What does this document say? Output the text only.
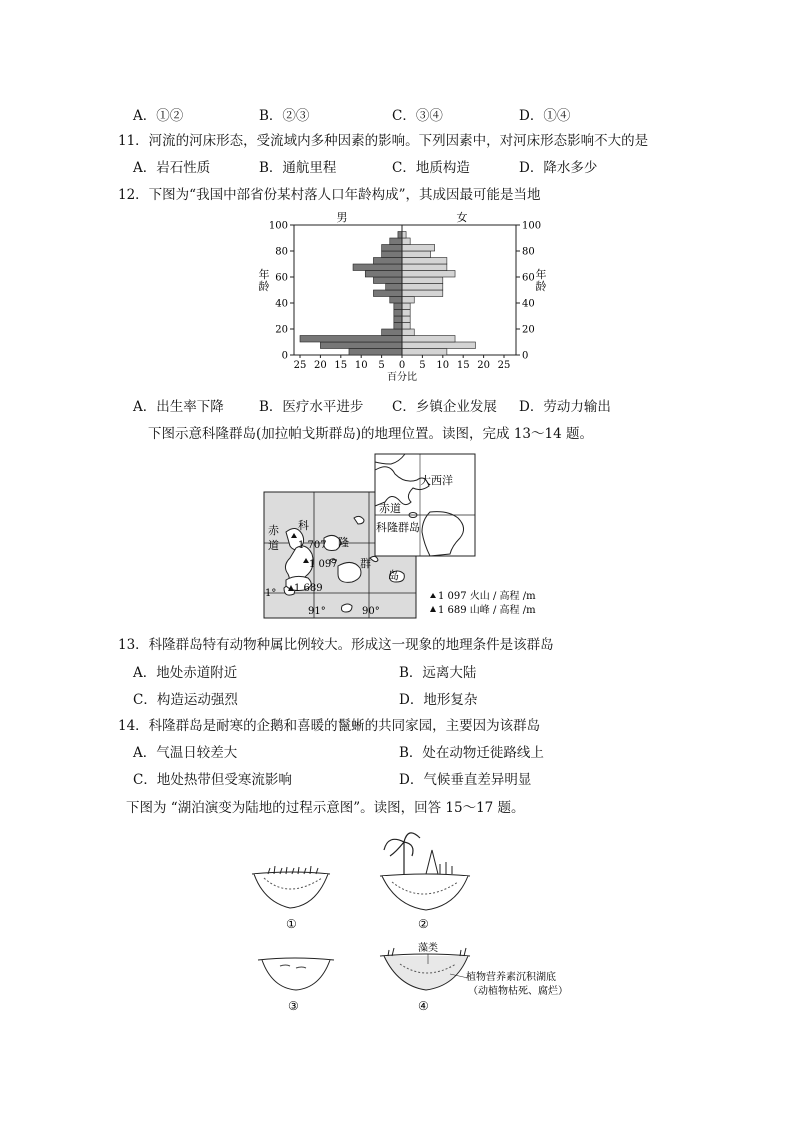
A．①②	B．②③	C．③④	D．①④
11．河流的河床形态，受流域内多种因素的影响。下列因素中，对河床形态影响不大的是
A．岩石性质	B．通航里程	C．地质构造	D．降水多少
12．下图为“我国中部省份某村落人口年龄构成”，其成因最可能是当地
男	女
0
20
40
60
80
100
0
20
40
60
80
100
25 20 15 10 5 0 5 10 15 20 25
年
龄
年
龄
百分比
A．出生率下降	B．医疗水平进步 C．乡镇企业发展 D．劳动力输出
下图示意科隆群岛(加拉帕戈斯群岛)的地理位置。读图，完成 13～14 题。
赤
道
科
隆
群
岛
1 707
1 097
1 689
1°
91°	90°
大西洋
赤道
科隆群岛
1 097 火山 / 高程 /m
1 689 山峰 / 高程 /m
13．科隆群岛特有动物种属比例较大。形成这一现象的地理条件是该群岛
A．地处赤道附近	B．远离大陆
C．构造运动强烈	D．地形复杂
14．科隆群岛是耐寒的企鹅和喜暖的鬣蜥的共同家园，主要因为该群岛
A．气温日较差大	B．处在动物迁徙路线上
C．地处热带但受寒流影响	D．气候垂直差异明显
下图为 “湖泊演变为陆地的过程示意图”。读图，回答 15～17 题。
①	②
③
藻类
植物营养素沉积湖底
（动植物枯死、腐烂）
④
